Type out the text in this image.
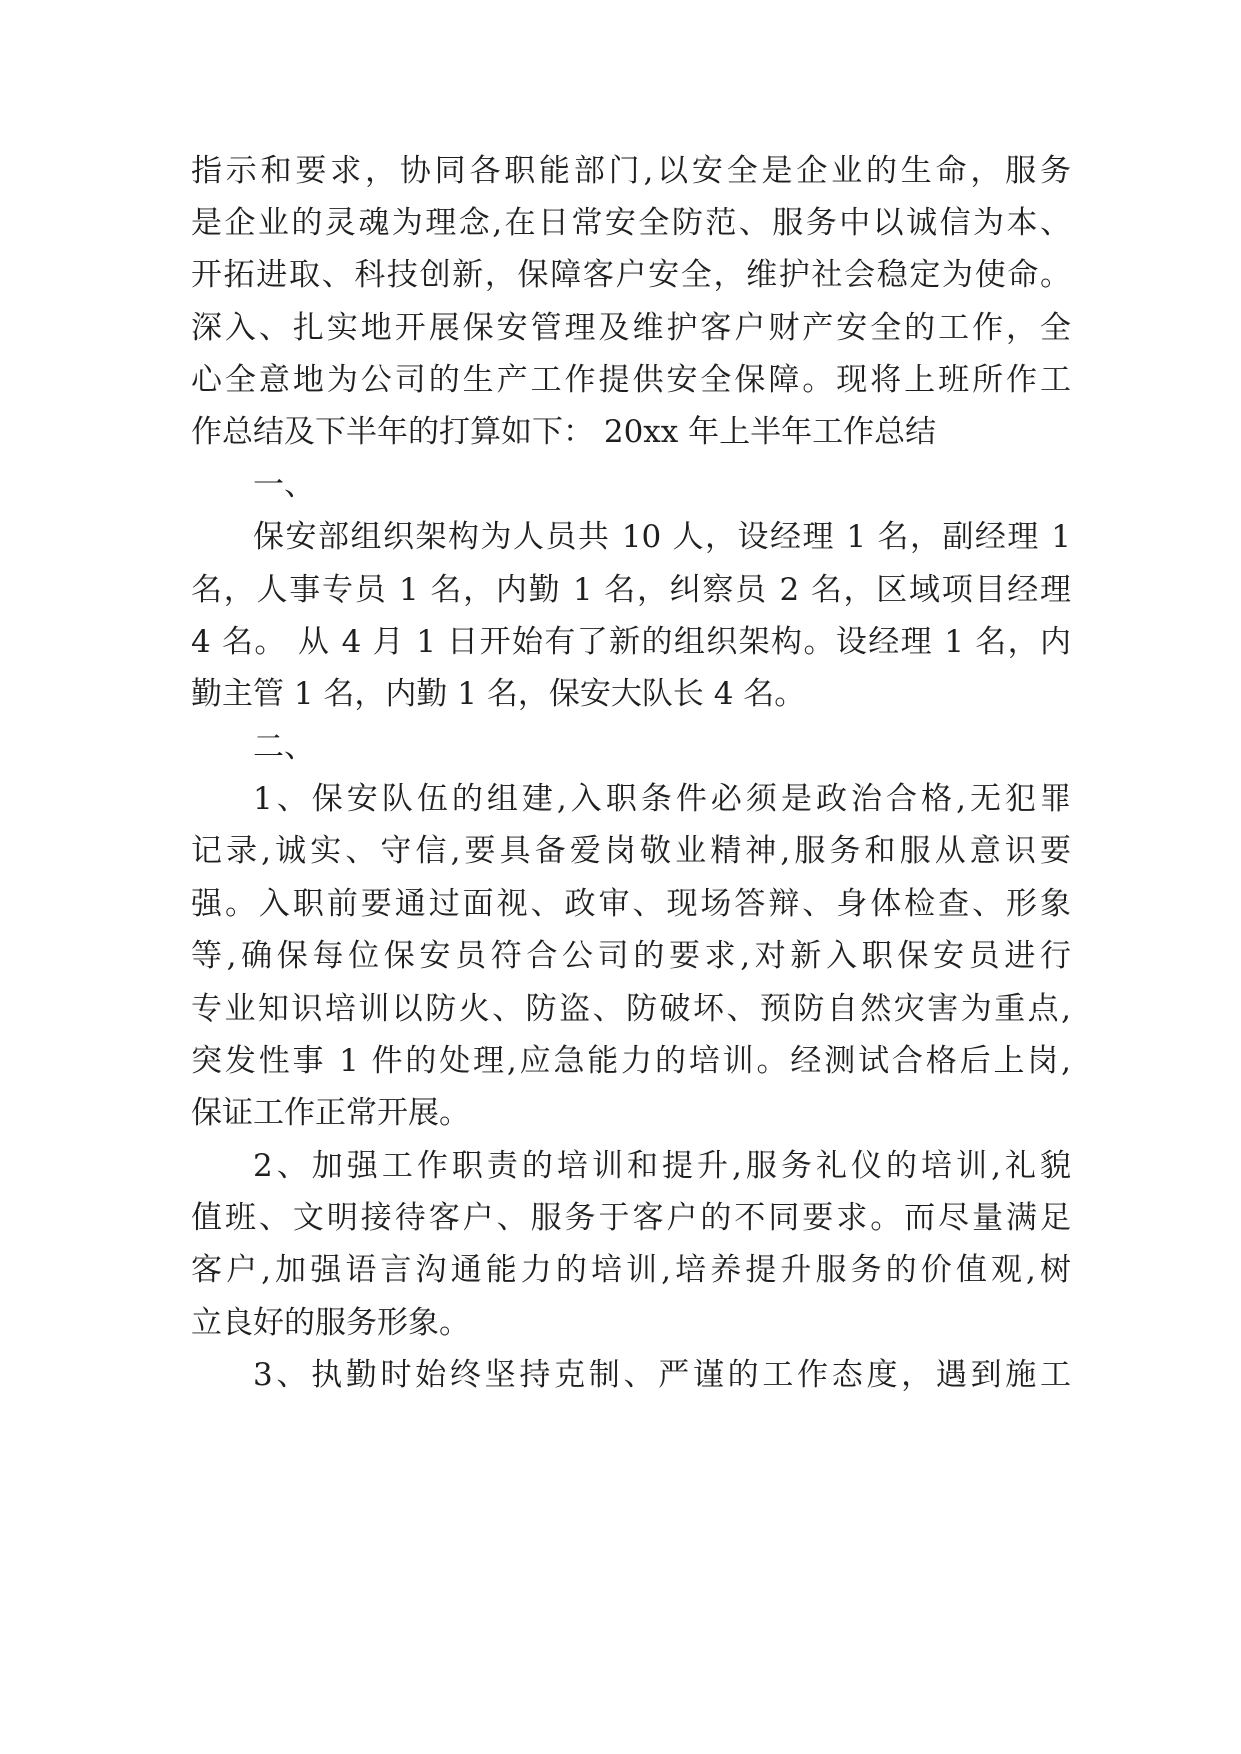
指示和要求，协同各职能部门,以安全是企业的生命，服务
是企业的灵魂为理念,在日常安全防范、服务中以诚信为本、
开拓进取、科技创新，保障客户安全，维护社会稳定为使命。
深入、扎实地开展保安管理及维护客户财产安全的工作，全
心全意地为公司的生产工作提供安全保障。现将上班所作工
作总结及下半年的打算如下： 20xx 年上半年工作总结
一、
保安部组织架构为人员共 10 人，设经理 1 名，副经理 1
名，人事专员 1 名，内勤 1 名，纠察员 2 名，区域项目经理
4 名。 从 4 月 1 日开始有了新的组织架构。设经理 1 名，内
勤主管 1 名，内勤 1 名，保安大队长 4 名。
二、
1、保安队伍的组建,入职条件必须是政治合格,无犯罪
记录,诚实、守信,要具备爱岗敬业精神,服务和服从意识要
强。入职前要通过面视、政审、现场答辩、身体检查、形象
等,确保每位保安员符合公司的要求,对新入职保安员进行
专业知识培训以防火、防盗、防破坏、预防自然灾害为重点,
突发性事 1 件的处理,应急能力的培训。经测试合格后上岗,
保证工作正常开展。
2、加强工作职责的培训和提升,服务礼仪的培训,礼貌
值班、文明接待客户、服务于客户的不同要求。而尽量满足
客户,加强语言沟通能力的培训,培养提升服务的价值观,树
立良好的服务形象。
3、执勤时始终坚持克制、严谨的工作态度，遇到施工
